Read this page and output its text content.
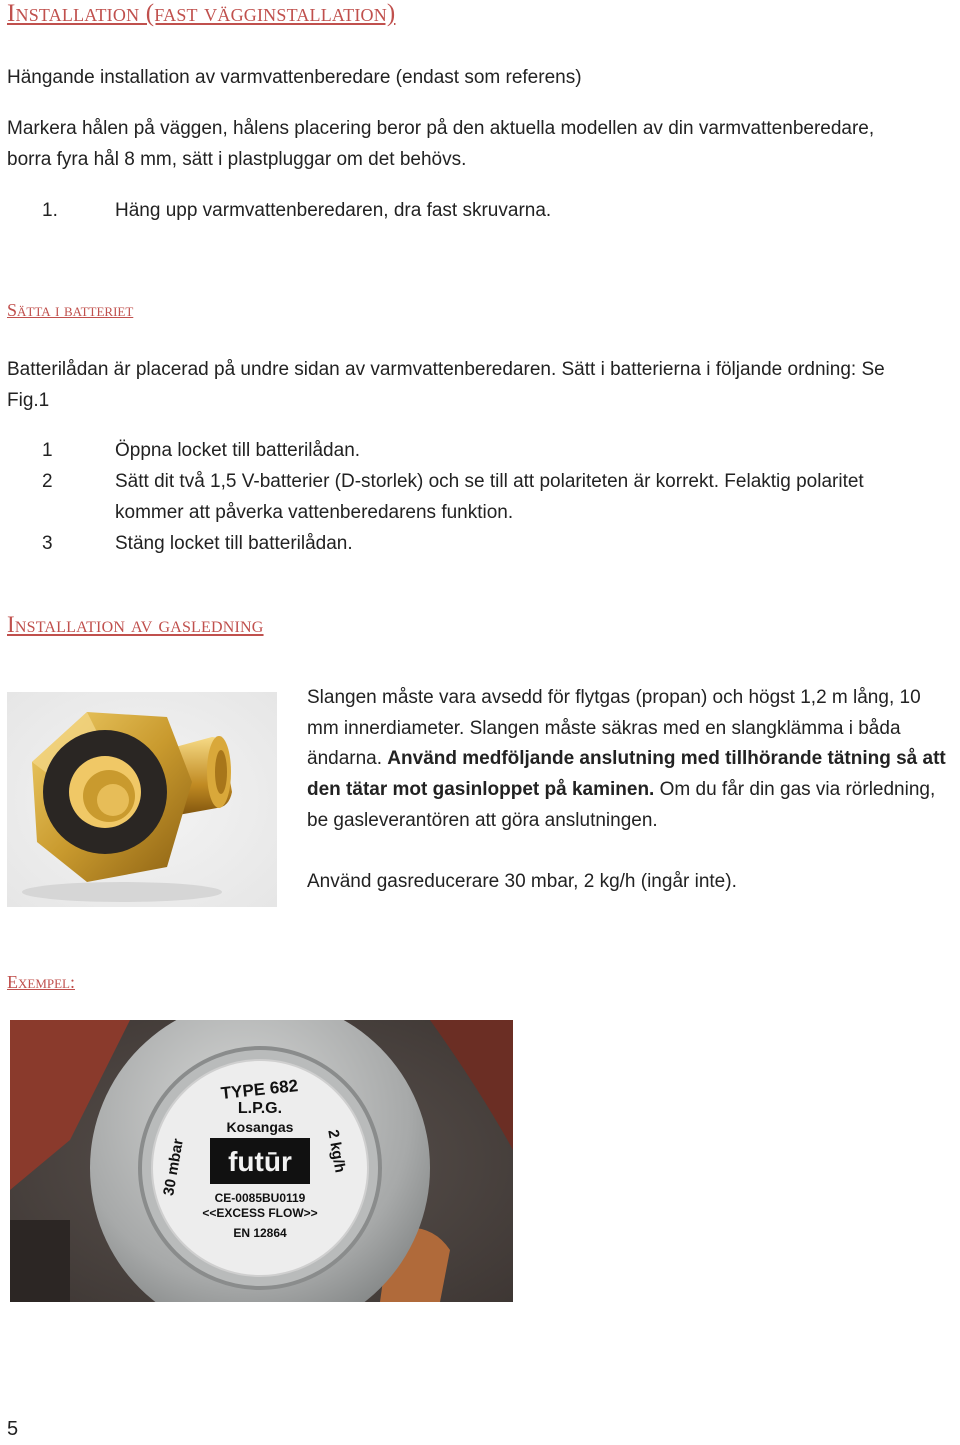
Installation (fast vägginstallation)
Hängande installation av varmvattenberedare (endast som referens)
Markera hålen på väggen, hålens placering beror på den aktuella modellen av din varmvattenberedare,
borra fyra hål 8 mm, sätt i plastpluggar om det behövs.
1.	Häng upp varmvattenberedaren, dra fast skruvarna.
Sätta i batteriet
Batterilådan är placerad på undre sidan av varmvattenberedaren. Sätt i batterierna i följande ordning: Se
Fig.1
1	Öppna locket till batterilådan.
2	Sätt dit två 1,5 V-batterier (D-storlek) och se till att polariteten är korrekt. Felaktig polaritet
kommer att påverka vattenberedarens funktion.
3	Stäng locket till batterilådan.
Installation av gasledning
Slangen måste vara avsedd för flytgas (propan) och högst 1,2 m lång, 10
mm innerdiameter. Slangen måste säkras med en slangklämma i båda
ändarna. Använd medföljande anslutning med tillhörande tätning så att
den tätar mot gasinloppet på kaminen. Om du får din gas via rörledning,
be gasleverantören att göra anslutningen.
Använd gasreducerare 30 mbar, 2 kg/h (ingår inte).
Exempel:
TYPE 682
L.P.G.
Kosangas
futūr
CE-0085BU0119
<<EXCESS FLOW>>
EN 12864
30 mbar	2 kg/h
5
